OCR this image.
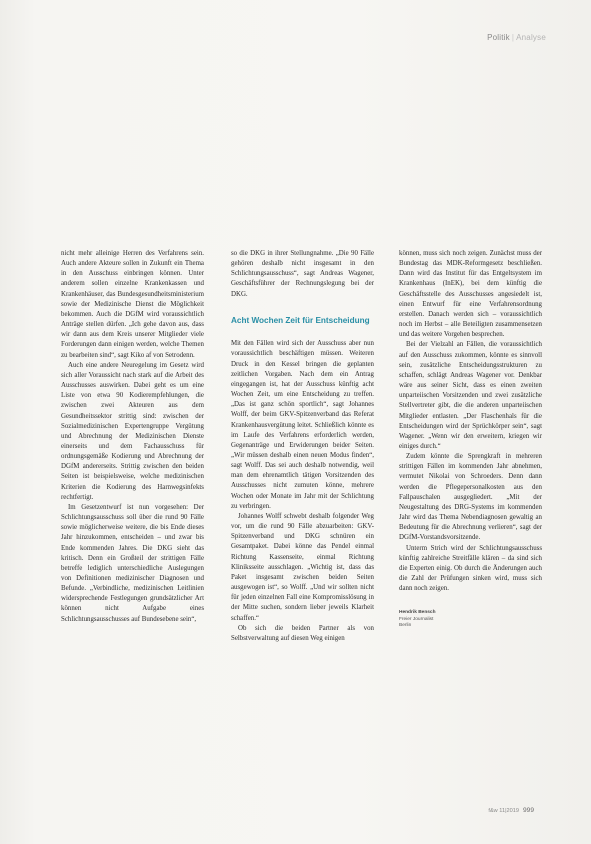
Politik | Analyse

nicht mehr alleinige Herren des Verfahrens sein. Auch andere Akteure sollen in Zukunft ein Thema in den Ausschuss einbringen können. Unter anderem sollen einzelne Krankenkassen und Krankenhäuser, das Bundesgesundheitsministerium sowie der Medizinische Dienst die Möglichkeit bekommen. Auch die DGfM wird voraussichtlich Anträge stellen dürfen. „Ich gehe davon aus, dass wir dann aus dem Kreis unserer Mitglieder viele Forderungen dann einigen werden, welche Themen zu bearbeiten sind“, sagt Kiko af von Setrodenn.

Auch eine andere Neuregelung im Gesetz wird sich aller Voraussicht nach stark auf die Arbeit des Ausschusses auswirken. Dabei geht es um eine Liste von etwa 90 Kodierempfehlungen, die zwischen zwei Akteuren aus dem Gesundheitssektor strittig sind: zwischen der Sozialmedizinischen Expertengruppe Vergütung und Abrechnung der Medizinischen Dienste einerseits und dem Fachausschuss für ordnungsgemäße Kodierung und Abrechnung der DGfM andererseits. Strittig zwischen den beiden Seiten ist beispielsweise, welche medizinischen Kriterien die Kodierung des Harnwegsinfekts rechtfertigt.

Im Gesetzentwurf ist nun vorgesehen: Der Schlichtungsausschuss soll über die rund 90 Fälle sowie möglicherweise weitere, die bis Ende dieses Jahr hinzukommen, entscheiden – und zwar bis Ende kommenden Jahres. Die DKG sieht das kritisch. Denn ein Großteil der strittigen Fälle betreffe lediglich unterschiedliche Auslegungen von Definitionen medizinischer Diagnosen und Befunde. „Verbindliche, medizinischen Leitlinien widersprechende Festlegungen grundsätzlicher Art können nicht Aufgabe eines Schlichtungsausschusses auf Bundesebene sein“,

so die DKG in ihrer Stellungnahme. „Die 90 Fälle gehören deshalb nicht insgesamt in den Schlichtungsausschuss“, sagt Andreas Wagener, Geschäftsführer der Rechnungslegung bei der DKG.

Acht Wochen Zeit für Entscheidung

Mit den Fällen wird sich der Ausschuss aber nun voraussichtlich beschäftigen müssen. Weiteren Druck in den Kessel bringen die geplanten zeitlichen Vorgaben. Nach dem ein Antrag eingegangen ist, hat der Ausschuss künftig acht Wochen Zeit, um eine Entscheidung zu treffen. „Das ist ganz schön sportlich“, sagt Johannes Wolff, der beim GKV-Spitzenverband das Referat Krankenhausvergütung leitet. Schließlich könnte es im Laufe des Verfahrens erforderlich werden, Gegenanträge und Erwiderungen beider Seiten. „Wir müssen deshalb einen neuen Modus finden“, sagt Wolff. Das sei auch deshalb notwendig, weil man dem ehrenamtlich tätigen Vorsitzenden des Ausschusses nicht zumuten könne, mehrere Wochen oder Monate im Jahr mit der Schlichtung zu verbringen.

Johannes Wolff schwebt deshalb folgender Weg vor, um die rund 90 Fälle abzuarbeiten: GKV-Spitzenverband und DKG schnüren ein Gesamtpaket. Dabei könne das Pendel einmal Richtung Kassenseite, einmal Richtung Kliniksseite ausschlagen. „Wichtig ist, dass das Paket insgesamt zwischen beiden Seiten ausgewogen ist“, so Wolff. „Und wir sollten nicht für jeden einzelnen Fall eine Kompromisslösung in der Mitte suchen, sondern lieber jeweils Klarheit schaffen.“

Ob sich die beiden Partner als von Selbstverwaltung auf diesen Weg einigen

können, muss sich noch zeigen. Zunächst muss der Bundestag das MDK-Reformgesetz beschließen. Dann wird das Institut für das Entgeltsystem im Krankenhaus (InEK), bei dem künftig die Geschäftsstelle des Ausschusses angesiedelt ist, einen Entwurf für eine Verfahrensordnung erstellen. Danach werden sich – voraussichtlich noch im Herbst – alle Beteiligten zusammensetzen und das weitere Vorgehen besprechen.

Bei der Vielzahl an Fällen, die voraussichtlich auf den Ausschuss zukommen, könnte es sinnvoll sein, zusätzliche Entscheidungsstrukturen zu schaffen, schlägt Andreas Wagener vor. Denkbar wäre aus seiner Sicht, dass es einen zweiten unparteiischen Vorsitzenden und zwei zusätzliche Stellvertreter gibt, die die anderen unparteiischen Mitglieder entlasten. „Der Flaschenhals für die Entscheidungen wird der Sprüchkörper sein“, sagt Wagener. „Wenn wir den erweitern, kriegen wir einiges durch.“

Zudem könnte die Sprengkraft in mehreren strittigen Fällen im kommenden Jahr abnehmen, vermutet Nikolai von Schroeders. Denn dann werden die Pflegepersonalkosten aus den Fallpauschalen ausgegliedert. „Mit der Neugestaltung des DRG-Systems im kommenden Jahr wird das Thema Nebendiagnosen gewaltig an Bedeutung für die Abrechnung verlieren“, sagt der DGfM-Vorstandsvorsitzende.

Unterm Strich wird der Schlichtungsausschuss künftig zahlreiche Streitfälle klären – da sind sich die Experten einig. Ob durch die Änderungen auch die Zahl der Prüfungen sinken wird, muss sich dann noch zeigen.

Hendrik Bensch
Freier Journalist
Berlin
f&w 11|2019 999
